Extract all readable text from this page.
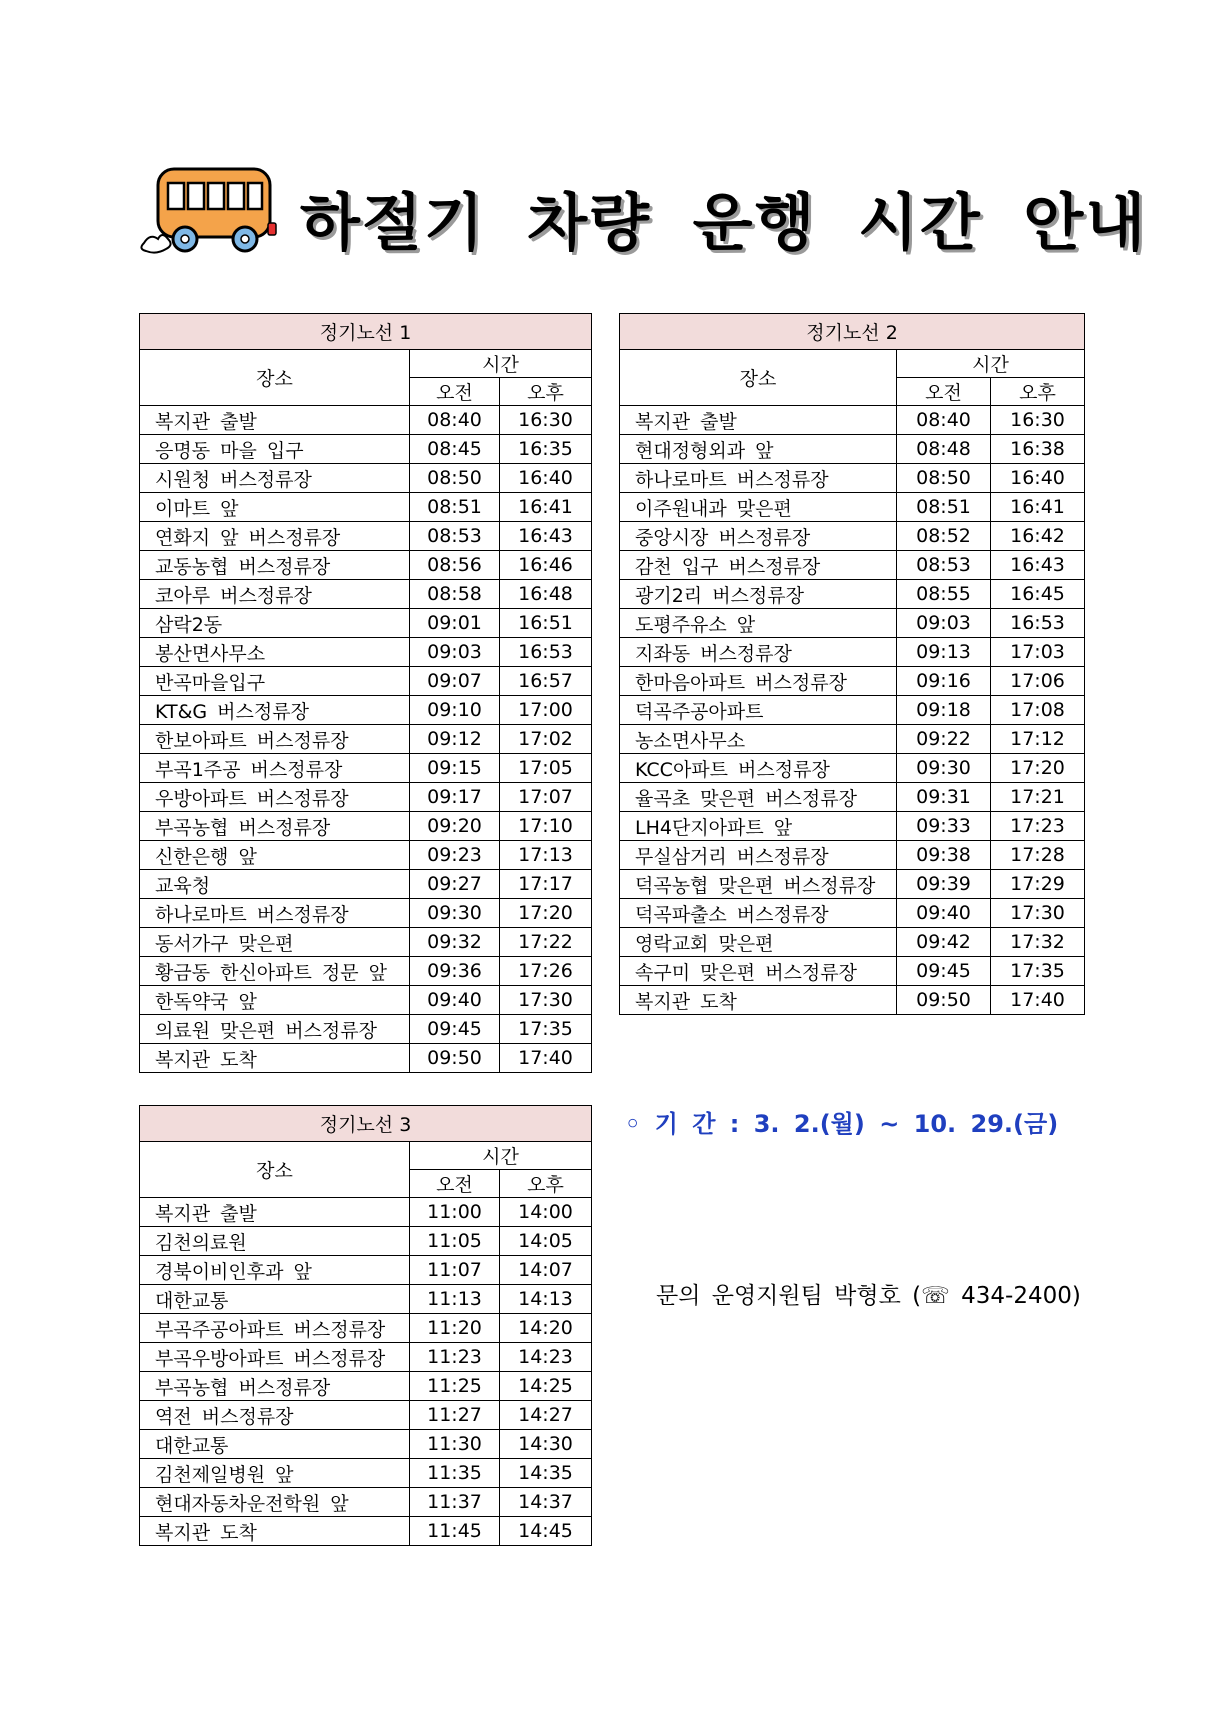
하절기 차량 운행 시간 안내
정기노선 1		
장소	시간	
	오전	오후
복지관 출발	08:40	16:30
응명동 마을 입구	08:45	16:35
시원청 버스정류장	08:50	16:40
이마트 앞	08:51	16:41
연화지 앞 버스정류장	08:53	16:43
교동농협 버스정류장	08:56	16:46
코아루 버스정류장	08:58	16:48
삼락2동	09:01	16:51
봉산면사무소	09:03	16:53
반곡마을입구	09:07	16:57
KT&G 버스정류장	09:10	17:00
한보아파트 버스정류장	09:12	17:02
부곡1주공 버스정류장	09:15	17:05
우방아파트 버스정류장	09:17	17:07
부곡농협 버스정류장	09:20	17:10
신한은행 앞	09:23	17:13
교육청	09:27	17:17
하나로마트 버스정류장	09:30	17:20
동서가구 맞은편	09:32	17:22
황금동 한신아파트 정문 앞	09:36	17:26
한독약국 앞	09:40	17:30
의료원 맞은편 버스정류장	09:45	17:35
복지관 도착	09:50	17:40
정기노선 2		
장소	시간	
	오전	오후
복지관 출발	08:40	16:30
현대정형외과 앞	08:48	16:38
하나로마트 버스정류장	08:50	16:40
이주원내과 맞은편	08:51	16:41
중앙시장 버스정류장	08:52	16:42
감천 입구 버스정류장	08:53	16:43
광기2리 버스정류장	08:55	16:45
도평주유소 앞	09:03	16:53
지좌동 버스정류장	09:13	17:03
한마음아파트 버스정류장	09:16	17:06
덕곡주공아파트	09:18	17:08
농소면사무소	09:22	17:12
KCC아파트 버스정류장	09:30	17:20
율곡초 맞은편 버스정류장	09:31	17:21
LH4단지아파트 앞	09:33	17:23
무실삼거리 버스정류장	09:38	17:28
덕곡농협 맞은편 버스정류장	09:39	17:29
덕곡파출소 버스정류장	09:40	17:30
영락교회 맞은편	09:42	17:32
속구미 맞은편 버스정류장	09:45	17:35
복지관 도착	09:50	17:40
정기노선 3		
장소	시간	
	오전	오후
복지관 출발	11:00	14:00
김천의료원	11:05	14:05
경북이비인후과 앞	11:07	14:07
대한교통	11:13	14:13
부곡주공아파트 버스정류장	11:20	14:20
부곡우방아파트 버스정류장	11:23	14:23
부곡농협 버스정류장	11:25	14:25
역전 버스정류장	11:27	14:27
대한교통	11:30	14:30
김천제일병원 앞	11:35	14:35
현대자동차운전학원 앞	11:37	14:37
복지관 도착	11:45	14:45
◦ 기 간 : 3. 2.(월) ~ 10. 29.(금)
문의 운영지원팀 박형호 (☏ 434-2400)
